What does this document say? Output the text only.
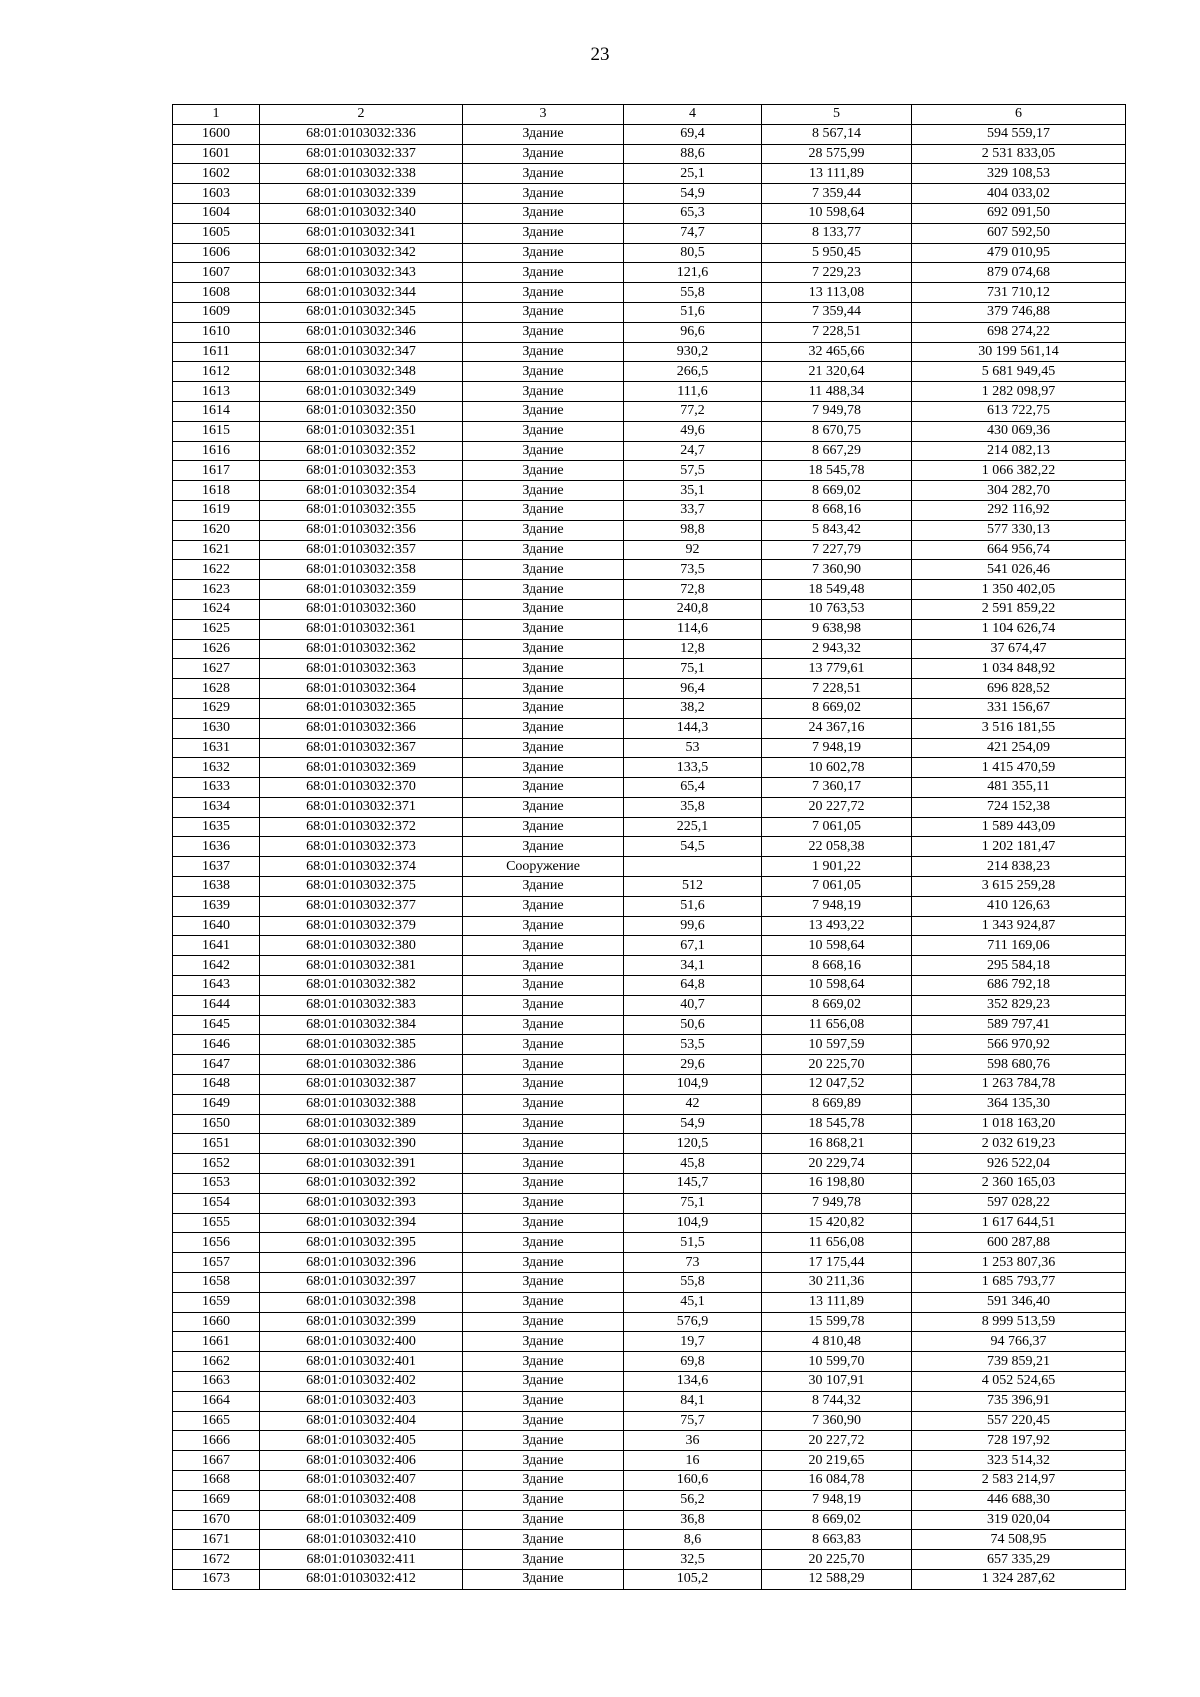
23
1	2	3	4	5	6
1600	68:01:0103032:336	Здание	69,4	8 567,14	594 559,17
1601	68:01:0103032:337	Здание	88,6	28 575,99	2 531 833,05
1602	68:01:0103032:338	Здание	25,1	13 111,89	329 108,53
1603	68:01:0103032:339	Здание	54,9	7 359,44	404 033,02
1604	68:01:0103032:340	Здание	65,3	10 598,64	692 091,50
1605	68:01:0103032:341	Здание	74,7	8 133,77	607 592,50
1606	68:01:0103032:342	Здание	80,5	5 950,45	479 010,95
1607	68:01:0103032:343	Здание	121,6	7 229,23	879 074,68
1608	68:01:0103032:344	Здание	55,8	13 113,08	731 710,12
1609	68:01:0103032:345	Здание	51,6	7 359,44	379 746,88
1610	68:01:0103032:346	Здание	96,6	7 228,51	698 274,22
1611	68:01:0103032:347	Здание	930,2	32 465,66	30 199 561,14
1612	68:01:0103032:348	Здание	266,5	21 320,64	5 681 949,45
1613	68:01:0103032:349	Здание	111,6	11 488,34	1 282 098,97
1614	68:01:0103032:350	Здание	77,2	7 949,78	613 722,75
1615	68:01:0103032:351	Здание	49,6	8 670,75	430 069,36
1616	68:01:0103032:352	Здание	24,7	8 667,29	214 082,13
1617	68:01:0103032:353	Здание	57,5	18 545,78	1 066 382,22
1618	68:01:0103032:354	Здание	35,1	8 669,02	304 282,70
1619	68:01:0103032:355	Здание	33,7	8 668,16	292 116,92
1620	68:01:0103032:356	Здание	98,8	5 843,42	577 330,13
1621	68:01:0103032:357	Здание	92	7 227,79	664 956,74
1622	68:01:0103032:358	Здание	73,5	7 360,90	541 026,46
1623	68:01:0103032:359	Здание	72,8	18 549,48	1 350 402,05
1624	68:01:0103032:360	Здание	240,8	10 763,53	2 591 859,22
1625	68:01:0103032:361	Здание	114,6	9 638,98	1 104 626,74
1626	68:01:0103032:362	Здание	12,8	2 943,32	37 674,47
1627	68:01:0103032:363	Здание	75,1	13 779,61	1 034 848,92
1628	68:01:0103032:364	Здание	96,4	7 228,51	696 828,52
1629	68:01:0103032:365	Здание	38,2	8 669,02	331 156,67
1630	68:01:0103032:366	Здание	144,3	24 367,16	3 516 181,55
1631	68:01:0103032:367	Здание	53	7 948,19	421 254,09
1632	68:01:0103032:369	Здание	133,5	10 602,78	1 415 470,59
1633	68:01:0103032:370	Здание	65,4	7 360,17	481 355,11
1634	68:01:0103032:371	Здание	35,8	20 227,72	724 152,38
1635	68:01:0103032:372	Здание	225,1	7 061,05	1 589 443,09
1636	68:01:0103032:373	Здание	54,5	22 058,38	1 202 181,47
1637	68:01:0103032:374	Сооружение		1 901,22	214 838,23
1638	68:01:0103032:375	Здание	512	7 061,05	3 615 259,28
1639	68:01:0103032:377	Здание	51,6	7 948,19	410 126,63
1640	68:01:0103032:379	Здание	99,6	13 493,22	1 343 924,87
1641	68:01:0103032:380	Здание	67,1	10 598,64	711 169,06
1642	68:01:0103032:381	Здание	34,1	8 668,16	295 584,18
1643	68:01:0103032:382	Здание	64,8	10 598,64	686 792,18
1644	68:01:0103032:383	Здание	40,7	8 669,02	352 829,23
1645	68:01:0103032:384	Здание	50,6	11 656,08	589 797,41
1646	68:01:0103032:385	Здание	53,5	10 597,59	566 970,92
1647	68:01:0103032:386	Здание	29,6	20 225,70	598 680,76
1648	68:01:0103032:387	Здание	104,9	12 047,52	1 263 784,78
1649	68:01:0103032:388	Здание	42	8 669,89	364 135,30
1650	68:01:0103032:389	Здание	54,9	18 545,78	1 018 163,20
1651	68:01:0103032:390	Здание	120,5	16 868,21	2 032 619,23
1652	68:01:0103032:391	Здание	45,8	20 229,74	926 522,04
1653	68:01:0103032:392	Здание	145,7	16 198,80	2 360 165,03
1654	68:01:0103032:393	Здание	75,1	7 949,78	597 028,22
1655	68:01:0103032:394	Здание	104,9	15 420,82	1 617 644,51
1656	68:01:0103032:395	Здание	51,5	11 656,08	600 287,88
1657	68:01:0103032:396	Здание	73	17 175,44	1 253 807,36
1658	68:01:0103032:397	Здание	55,8	30 211,36	1 685 793,77
1659	68:01:0103032:398	Здание	45,1	13 111,89	591 346,40
1660	68:01:0103032:399	Здание	576,9	15 599,78	8 999 513,59
1661	68:01:0103032:400	Здание	19,7	4 810,48	94 766,37
1662	68:01:0103032:401	Здание	69,8	10 599,70	739 859,21
1663	68:01:0103032:402	Здание	134,6	30 107,91	4 052 524,65
1664	68:01:0103032:403	Здание	84,1	8 744,32	735 396,91
1665	68:01:0103032:404	Здание	75,7	7 360,90	557 220,45
1666	68:01:0103032:405	Здание	36	20 227,72	728 197,92
1667	68:01:0103032:406	Здание	16	20 219,65	323 514,32
1668	68:01:0103032:407	Здание	160,6	16 084,78	2 583 214,97
1669	68:01:0103032:408	Здание	56,2	7 948,19	446 688,30
1670	68:01:0103032:409	Здание	36,8	8 669,02	319 020,04
1671	68:01:0103032:410	Здание	8,6	8 663,83	74 508,95
1672	68:01:0103032:411	Здание	32,5	20 225,70	657 335,29
1673	68:01:0103032:412	Здание	105,2	12 588,29	1 324 287,62
